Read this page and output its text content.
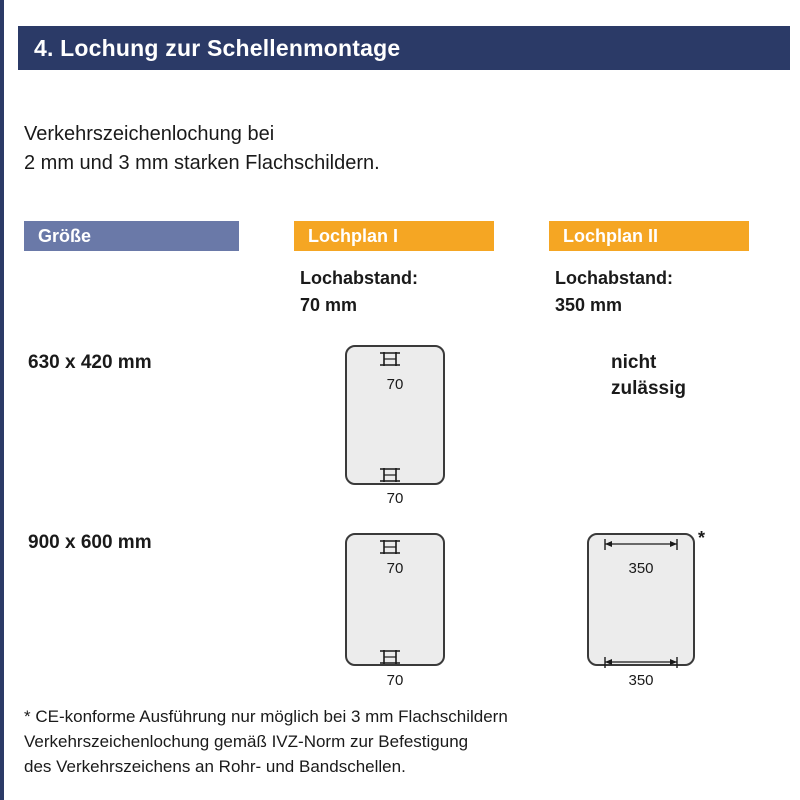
4. Lochung zur Schellenmontage
Verkehrszeichenlochung bei
2 mm und 3 mm starken Flachschildern.
Größe	Lochplan I	Lochplan II
Lochabstand:
70 mm
Lochabstand:
350 mm
630 x 420 mm
70
70
nicht
zulässig
900 x 600 mm
70
70
350
350
*
* CE-konforme Ausführung nur möglich bei 3 mm Flachschildern
Verkehrszeichenlochung gemäß IVZ-Norm zur Befestigung
des Verkehrszeichens an Rohr- und Bandschellen.
